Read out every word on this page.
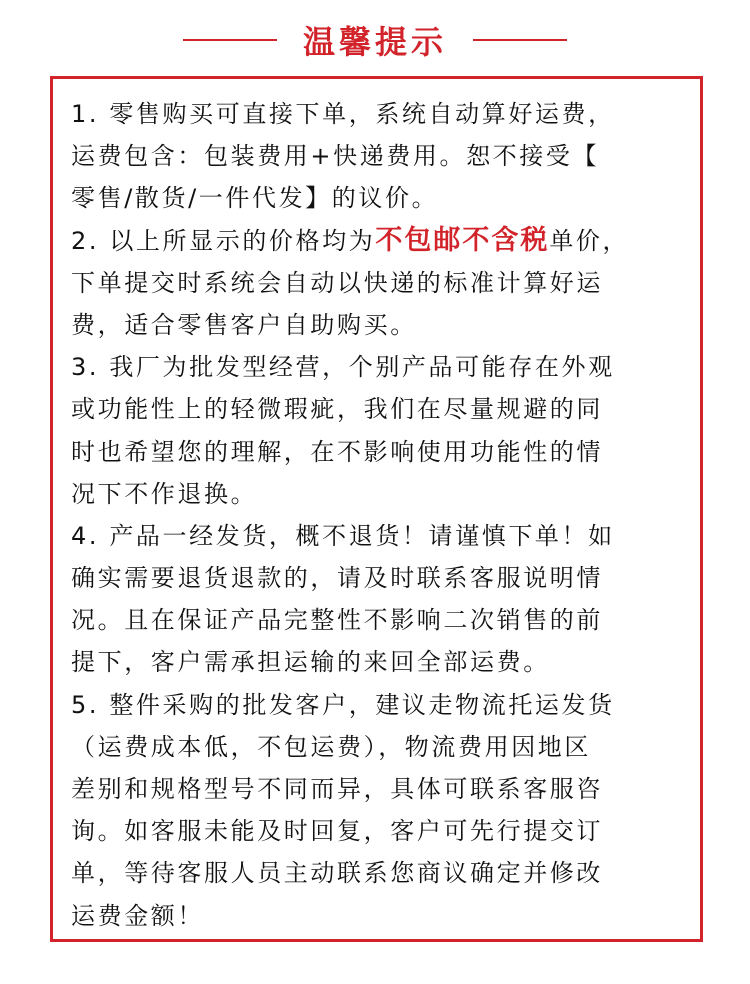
温馨提示
1. 零售购买可直接下单，系统自动算好运费，
运费包含：包装费用+快递费用。恕不接受【
零售/散货/一件代发】的议价。
2. 以上所显示的价格均为不包邮不含税单价，
下单提交时系统会自动以快递的标准计算好运
费，适合零售客户自助购买。
3. 我厂为批发型经营，个别产品可能存在外观
或功能性上的轻微瑕疵，我们在尽量规避的同
时也希望您的理解，在不影响使用功能性的情
况下不作退换。
4. 产品一经发货，概不退货！请谨慎下单！如
确实需要退货退款的，请及时联系客服说明情
况。且在保证产品完整性不影响二次销售的前
提下，客户需承担运输的来回全部运费。
5. 整件采购的批发客户，建议走物流托运发货
（运费成本低，不包运费），物流费用因地区
差别和规格型号不同而异，具体可联系客服咨
询。如客服未能及时回复，客户可先行提交订
单，等待客服人员主动联系您商议确定并修改
运费金额！
